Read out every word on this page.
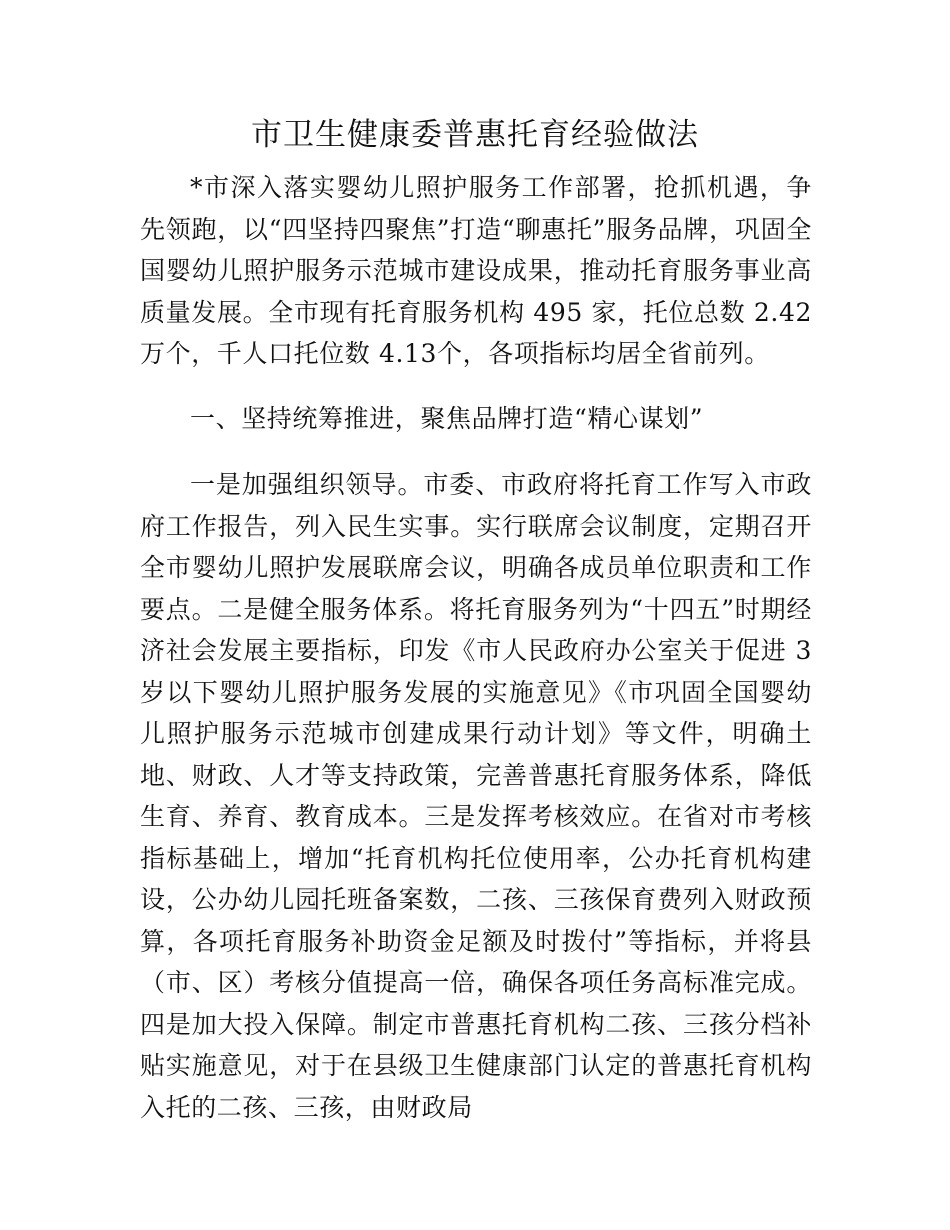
市卫生健康委普惠托育经验做法

*市深入落实婴幼儿照护服务工作部署，抢抓机遇，争先领跑，以“四坚持四聚焦”打造“聊惠托”服务品牌，巩固全国婴幼儿照护服务示范城市建设成果，推动托育服务事业高质量发展。全市现有托育服务机构 495 家，托位总数 2.42 万个，千人口托位数 4.13个，各项指标均居全省前列。

一、坚持统筹推进，聚焦品牌打造“精心谋划”

一是加强组织领导。市委、市政府将托育工作写入市政府工作报告，列入民生实事。实行联席会议制度，定期召开全市婴幼儿照护发展联席会议，明确各成员单位职责和工作要点。二是健全服务体系。将托育服务列为“十四五”时期经济社会发展主要指标，印发《市人民政府办公室关于促进 3 岁以下婴幼儿照护服务发展的实施意见》《市巩固全国婴幼儿照护服务示范城市创建成果行动计划》等文件，明确土地、财政、人才等支持政策，完善普惠托育服务体系，降低生育、养育、教育成本。三是发挥考核效应。在省对市考核指标基础上，增加“托育机构托位使用率，公办托育机构建设，公办幼儿园托班备案数，二孩、三孩保育费列入财政预算，各项托育服务补助资金足额及时拨付”等指标，并将县（市、区）考核分值提高一倍，确保各项任务高标准完成。四是加大投入保障。制定市普惠托育机构二孩、三孩分档补贴实施意见，对于在县级卫生健康部门认定的普惠托育机构入托的二孩、三孩，由财政局
